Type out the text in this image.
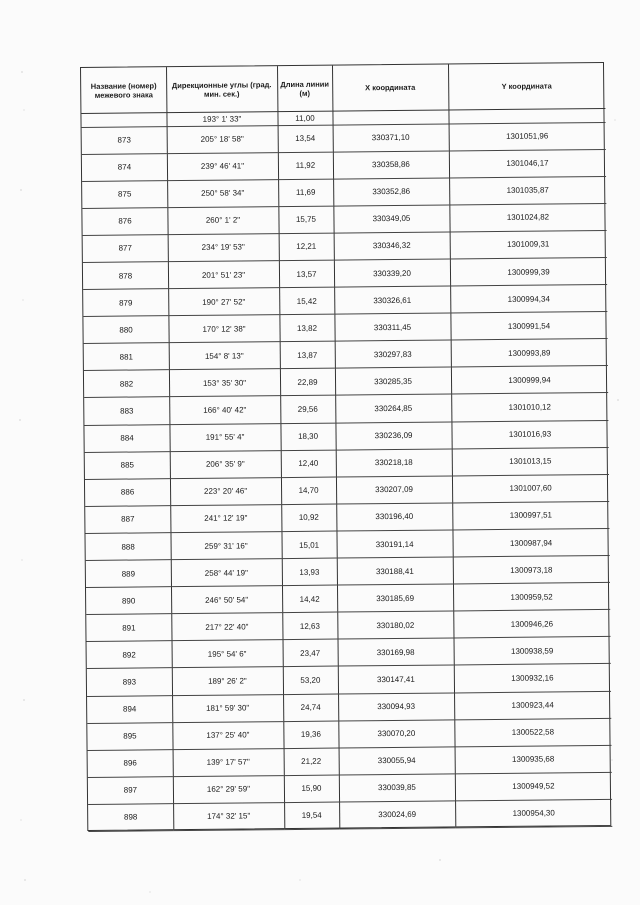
Название (номер) межевого знака
873
874
875
876
877
878
879
880
881
882
883
884
885
886
887
888
889
890
891
892
893
894
895
896
897
898
Дирекционные углы (град. мин. сек.)
193° 1' 33"
205° 18' 58"
239° 46' 41"
250° 58' 34"
260° 1' 2"
234° 19' 53"
201° 51' 23"
190° 27' 52"
170° 12' 38"
154° 8' 13"
153° 35' 30"
166° 40' 42"
191° 55' 4"
206° 35' 9"
223° 20' 46"
241° 12' 19"
259° 31' 16"
258° 44' 19"
246° 50' 54"
217° 22' 40"
195° 54' 6"
189° 26' 2"
181° 59' 30"
137° 25' 40"
139° 17' 57"
162° 29' 59"
174° 32' 15"
Длина линии (м)
11,00
13,54
11,92
11,69
15,75
12,21
13,57
15,42
13,82
13,87
22,89
29,56
18,30
12,40
14,70
10,92
15,01
13,93
14,42
12,63
23,47
53,20
24,74
19,36
21,22
15,90
19,54
X координата
330371,10
330358,86
330352,86
330349,05
330346,32
330339,20
330326,61
330311,45
330297,83
330285,35
330264,85
330236,09
330218,18
330207,09
330196,40
330191,14
330188,41
330185,69
330180,02
330169,98
330147,41
330094,93
330070,20
330055,94
330039,85
330024,69
Y координата
1301051,96
1301046,17
1301035,87
1301024,82
1301009,31
1300999,39
1300994,34
1300991,54
1300993,89
1300999,94
1301010,12
1301016,93
1301013,15
1301007,60
1300997,51
1300987,94
1300973,18
1300959,52
1300946,26
1300938,59
1300932,16
1300923,44
1300522,58
1300935,68
1300949,52
1300954,30
